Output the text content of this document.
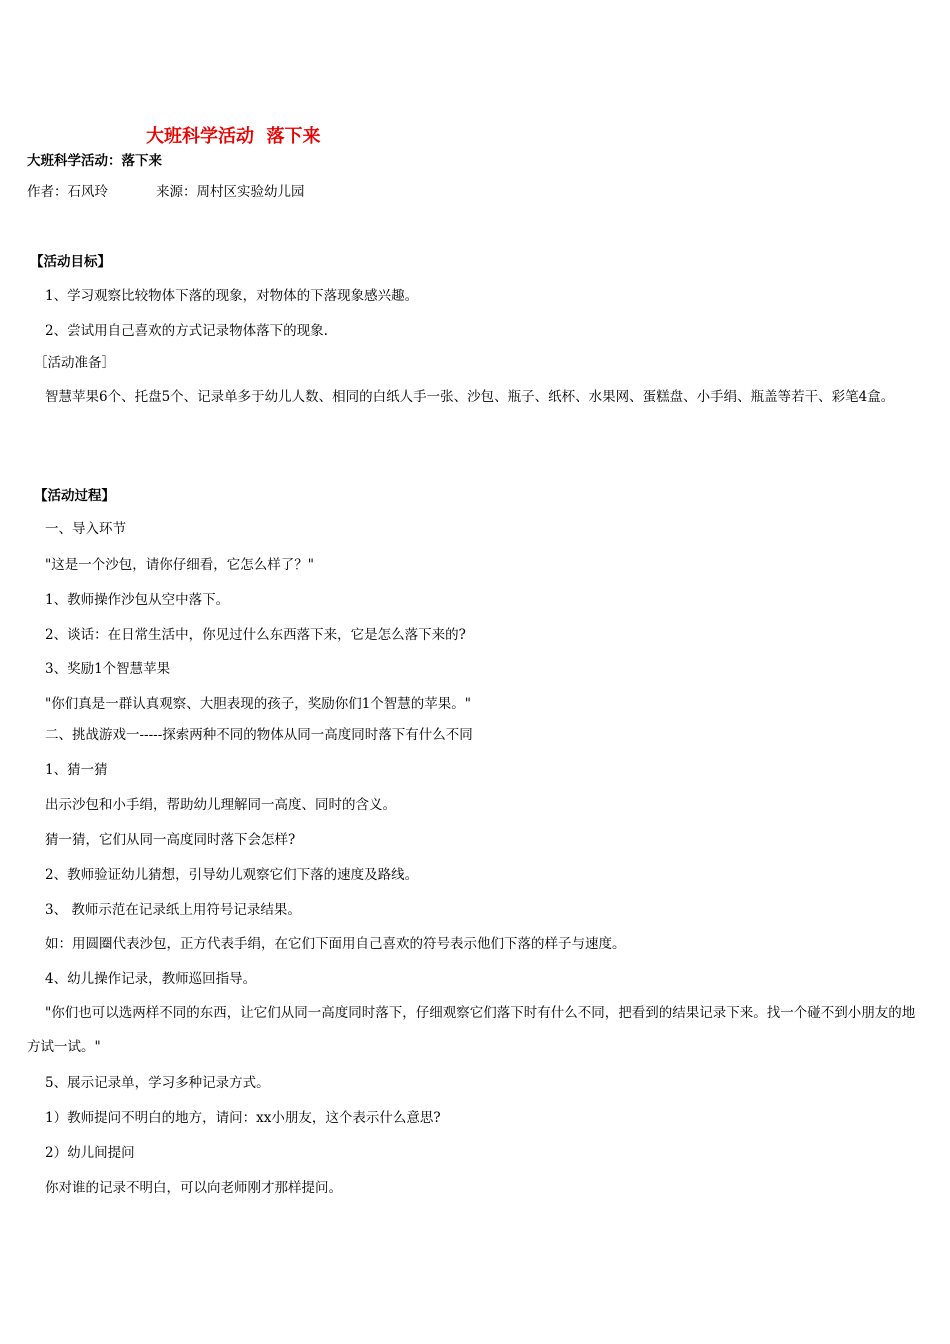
大班科学活动  落下来
大班科学活动：落下来
作者：石风玲	来源：周村区实验幼儿园
【活动目标】
1、学习观察比较物体下落的现象，对物体的下落现象感兴趣。
2、尝试用自己喜欢的方式记录物体落下的现象.
［活动准备］
智慧苹果6个、托盘5个、记录单多于幼儿人数、相同的白纸人手一张、沙包、瓶子、纸杯、水果网、蛋糕盘、小手绢、瓶盖等若干、彩笔4盒。
【活动过程】
一、导入环节
"这是一个沙包，请你仔细看，它怎么样了？"
1、教师操作沙包从空中落下。
2、谈话：在日常生活中，你见过什么东西落下来，它是怎么落下来的?
3、奖励1个智慧苹果
"你们真是一群认真观察、大胆表现的孩子，奖励你们1个智慧的苹果。"
二、挑战游戏一-----探索两种不同的物体从同一高度同时落下有什么不同
1、猜一猜
出示沙包和小手绢，帮助幼儿理解同一高度、同时的含义。
猜一猜，它们从同一高度同时落下会怎样?
2、教师验证幼儿猜想，引导幼儿观察它们下落的速度及路线。
3、 教师示范在记录纸上用符号记录结果。
如：用圆圈代表沙包，正方代表手绢，在它们下面用自己喜欢的符号表示他们下落的样子与速度。
4、幼儿操作记录，教师巡回指导。
"你们也可以选两样不同的东西，让它们从同一高度同时落下，仔细观察它们落下时有什么不同，把看到的结果记录下来。找一个碰不到小朋友的地方试一试。"
5、展示记录单，学习多种记录方式。
1）教师提问不明白的地方，请问：xx小朋友，这个表示什么意思?
2）幼儿间提问
你对谁的记录不明白，可以向老师刚才那样提问。
